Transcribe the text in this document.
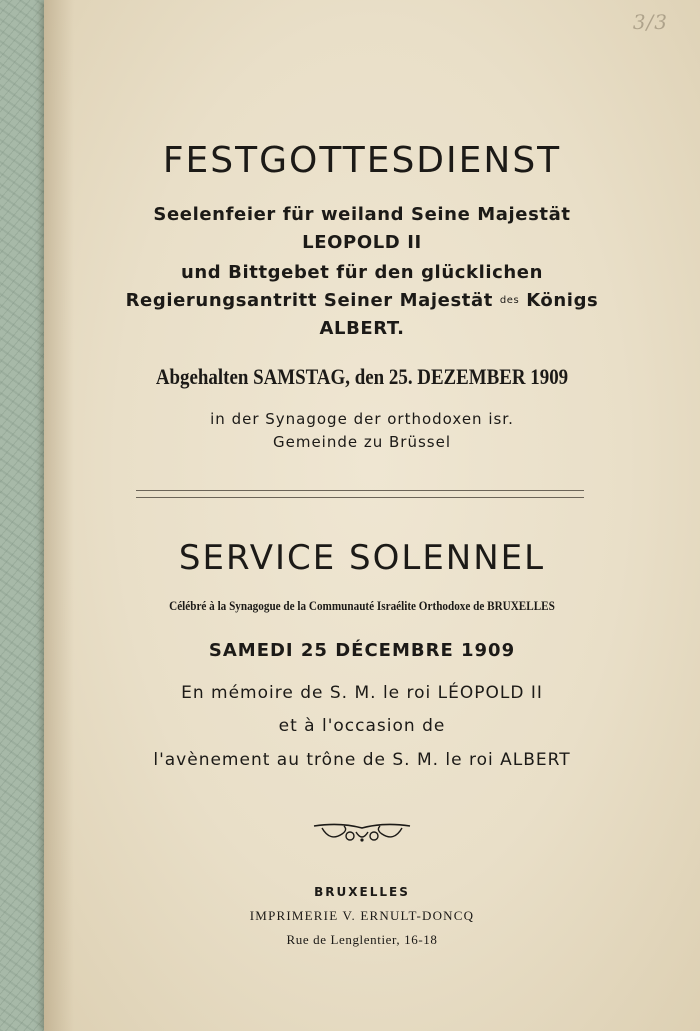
3/3
FESTGOTTESDIENST
Seelenfeier für weiland Seine Majestät
LEOPOLD II
und Bittgebet für den glücklichen
Regierungsantritt Seiner Majestät des Königs
ALBERT.
Abgehalten SAMSTAG, den 25. DEZEMBER 1909
in der Synagoge der orthodoxen isr.
Gemeinde zu Brüssel
SERVICE SOLENNEL
Célébré à la Synagogue de la Communauté Israélite Orthodoxe de BRUXELLES
SAMEDI 25 DÉCEMBRE 1909
En mémoire de S. M. le roi LÉOPOLD II
et à l'occasion de
l'avènement au trône de S. M. le roi ALBERT
BRUXELLES
IMPRIMERIE V. ERNULT-DONCQ
Rue de Lenglentier, 16-18
